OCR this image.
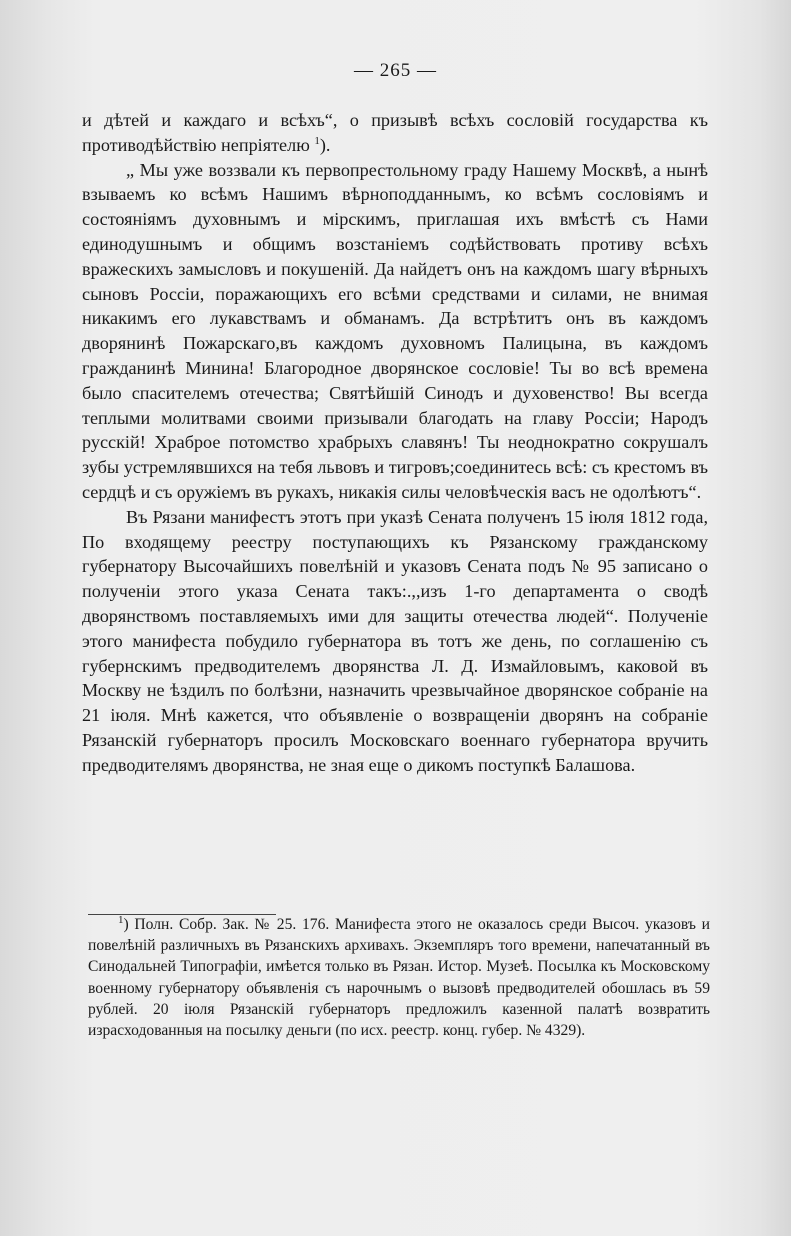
— 265 —

и дѣтей и каждаго и всѣхъ“, о призывѣ всѣхъ сословій государства къ противодѣйствію непріятелю $^1$).

„ Мы уже воззвали къ первопрестольному граду Нашему Москвѣ, а нынѣ взываемъ ко всѣмъ Нашимъ вѣрноподданнымъ, ко всѣмъ сословіямъ и состояніямъ духовнымъ и мірскимъ, приглашая ихъ вмѣстѣ съ Нами единодушнымъ и общимъ возстаніемъ содѣйствовать противу всѣхъ вражескихъ замысловъ и покушеній. Да найдетъ онъ на каждомъ шагу вѣрныхъ сыновъ Россіи, поражающихъ его всѣми средствами и силами, не внимая никакимъ его лукавствамъ и обманамъ. Да встрѣтитъ онъ въ каждомъ дворянинѣ Пожарскаго,въ каждомъ духовномъ Палицына, въ каждомъ гражданинѣ Минина! Благородное дворянское сословіе! Ты во всѣ времена было спасителемъ отечества; Святѣйшій Синодъ и духовенство! Вы всегда теплыми молитвами своими призывали благодать на главу Россіи; Народъ русскій! Храброе потомство храбрыхъ славянъ! Ты неоднократно сокрушалъ зубы устремлявшихся на тебя львовъ и тигровъ;соединитесь всѣ: съ крестомъ въ сердцѣ и съ оружіемъ въ рукахъ, никакія силы человѣческія васъ не одолѣютъ“.

Въ Рязани манифестъ этотъ при указѣ Сената полученъ 15 іюля 1812 года, По входящему реестру поступающихъ къ Рязанскому гражданскому губернатору Высочайшихъ повелѣній и указовъ Сената подъ № 95 записано о полученіи этого указа Сената такъ:.,,изъ 1-го департамента о сводѣ дворянствомъ поставляемыхъ ими для защиты отечества людей“. Полученіе этого манифеста побудило губернатора въ тотъ же день, по соглашенію съ губернскимъ предводителемъ дворянства Л. Д. Измайловымъ, каковой въ Москву не ѣздилъ по болѣзни, назначить чрезвычайное дворянское собраніе на 21 іюля. Мнѣ кажется, что объявленіе о возвращеніи дворянъ на собраніе Рязанскій губернаторъ просилъ Московскаго военнаго губернатора вручить предводителямъ дворянства, не зная еще о дикомъ поступкѣ Балашова.

$^1$) Полн. Собр. Зак. № 25. 176. Манифеста этого не оказалось среди Высоч. указовъ и повелѣній различныхъ въ Рязанскихъ архивахъ. Экземпляръ того времени, напечатанный въ Синодальней Типографіи, имѣется только въ Рязан. Истор. Музеѣ. Посылка къ Московскому военному губернатору объявленія съ нарочнымъ о вызовѣ предводителей обошлась въ 59 рублей. 20 іюля Рязанскій губернаторъ предложилъ казенной палатѣ возвратить израсходованныя на посылку деньги (по исх. реестр. конц. губер. № 4329).
